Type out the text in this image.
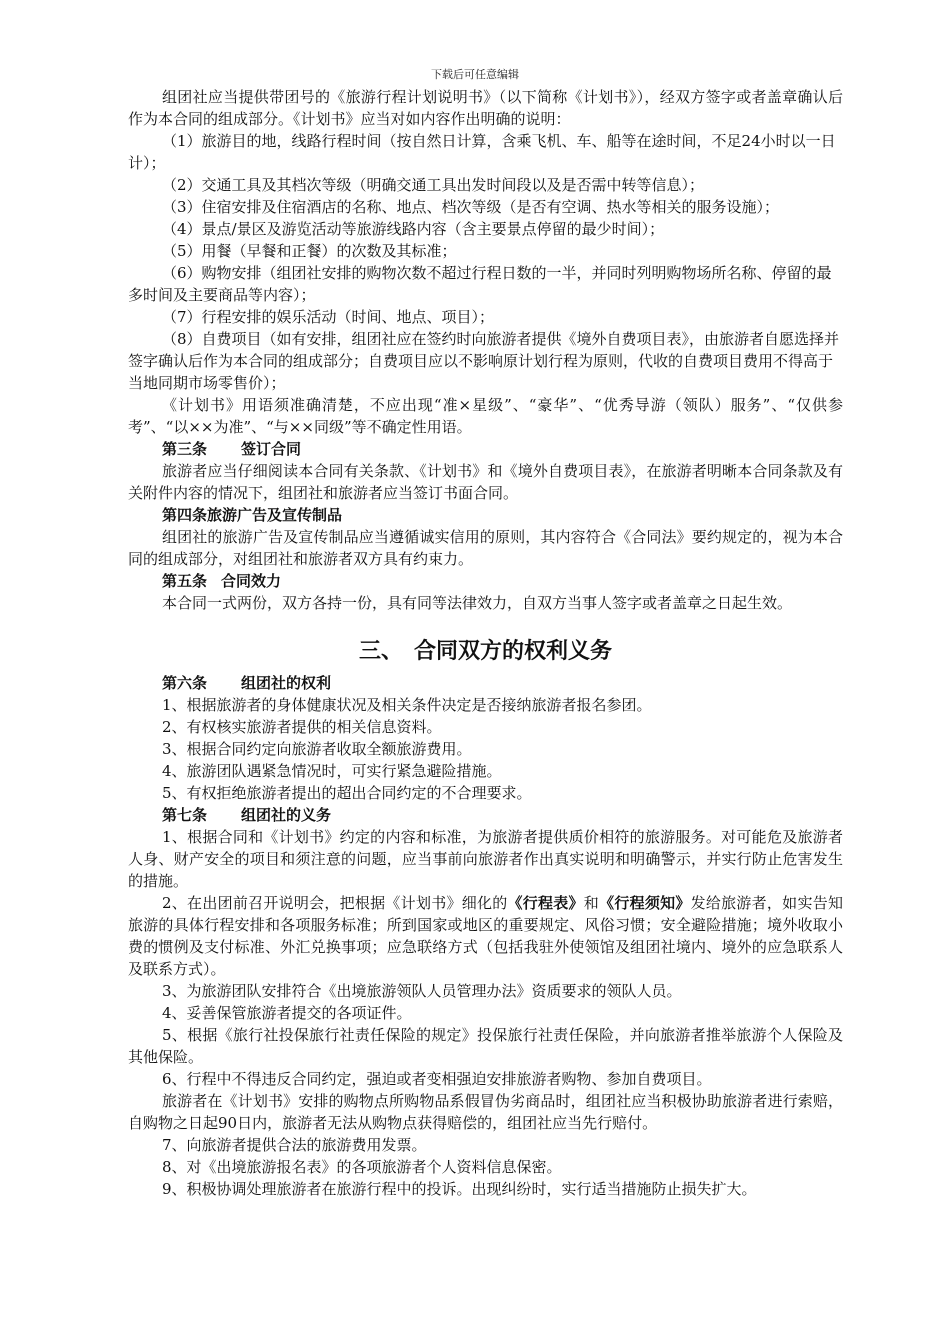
下载后可任意编辑

组团社应当提供带团号的《旅游行程计划说明书》（以下简称《计划书》），经双方签字或者盖章确认后作为本合同的组成部分。《计划书》应当对如内容作出明确的说明：

（1）旅游目的地，线路行程时间（按自然日计算，含乘飞机、车、船等在途时间，不足24小时以一日计）；

（2）交通工具及其档次等级（明确交通工具出发时间段以及是否需中转等信息）；

（3）住宿安排及住宿酒店的名称、地点、档次等级（是否有空调、热水等相关的服务设施）；

（4）景点/景区及游览活动等旅游线路内容（含主要景点停留的最少时间）；

（5）用餐（早餐和正餐）的次数及其标准；

（6）购物安排（组团社安排的购物次数不超过行程日数的一半，并同时列明购物场所名称、停留的最多时间及主要商品等内容）；

（7）行程安排的娱乐活动（时间、地点、项目）；

（8）自费项目（如有安排，组团社应在签约时向旅游者提供《境外自费项目表》，由旅游者自愿选择并签字确认后作为本合同的组成部分；自费项目应以不影响原计划行程为原则，代收的自费项目费用不得高于当地同期市场零售价）；

《计划书》用语须准确清楚，不应出现“准×星级”、“豪华”、“优秀导游（领队）服务”、“仅供参考”、“以××为准”、“与××同级”等不确定性用语。

第三条 签订合同

旅游者应当仔细阅读本合同有关条款、《计划书》和《境外自费项目表》，在旅游者明晰本合同条款及有关附件内容的情况下，组团社和旅游者应当签订书面合同。

第四条旅游广告及宣传制品

组团社的旅游广告及宣传制品应当遵循诚实信用的原则，其内容符合《合同法》要约规定的，视为本合同的组成部分，对组团社和旅游者双方具有约束力。

第五条 合同效力

本合同一式两份，双方各持一份，具有同等法律效力，自双方当事人签字或者盖章之日起生效。

三、　合同双方的权利义务

第六条 组团社的权利

1、根据旅游者的身体健康状况及相关条件决定是否接纳旅游者报名参团。

2、有权核实旅游者提供的相关信息资料。

3、根据合同约定向旅游者收取全额旅游费用。

4、旅游团队遇紧急情况时，可实行紧急避险措施。

5、有权拒绝旅游者提出的超出合同约定的不合理要求。

第七条 组团社的义务

1、根据合同和《计划书》约定的内容和标准，为旅游者提供质价相符的旅游服务。对可能危及旅游者人身、财产安全的项目和须注意的问题，应当事前向旅游者作出真实说明和明确警示，并实行防止危害发生的措施。

2、在出团前召开说明会，把根据《计划书》细化的《行程表》和《行程须知》发给旅游者，如实告知旅游的具体行程安排和各项服务标准；所到国家或地区的重要规定、风俗习惯；安全避险措施；境外收取小费的惯例及支付标准、外汇兑换事项；应急联络方式（包括我驻外使领馆及组团社境内、境外的应急联系人及联系方式）。

3、为旅游团队安排符合《出境旅游领队人员管理办法》资质要求的领队人员。

4、妥善保管旅游者提交的各项证件。

5、根据《旅行社投保旅行社责任保险的规定》投保旅行社责任保险，并向旅游者推举旅游个人保险及其他保险。

6、行程中不得违反合同约定，强迫或者变相强迫安排旅游者购物、参加自费项目。

旅游者在《计划书》安排的购物点所购物品系假冒伪劣商品时，组团社应当积极协助旅游者进行索赔，自购物之日起90日内，旅游者无法从购物点获得赔偿的，组团社应当先行赔付。

7、向旅游者提供合法的旅游费用发票。

8、对《出境旅游报名表》的各项旅游者个人资料信息保密。

9、积极协调处理旅游者在旅游行程中的投诉。出现纠纷时，实行适当措施防止损失扩大。
